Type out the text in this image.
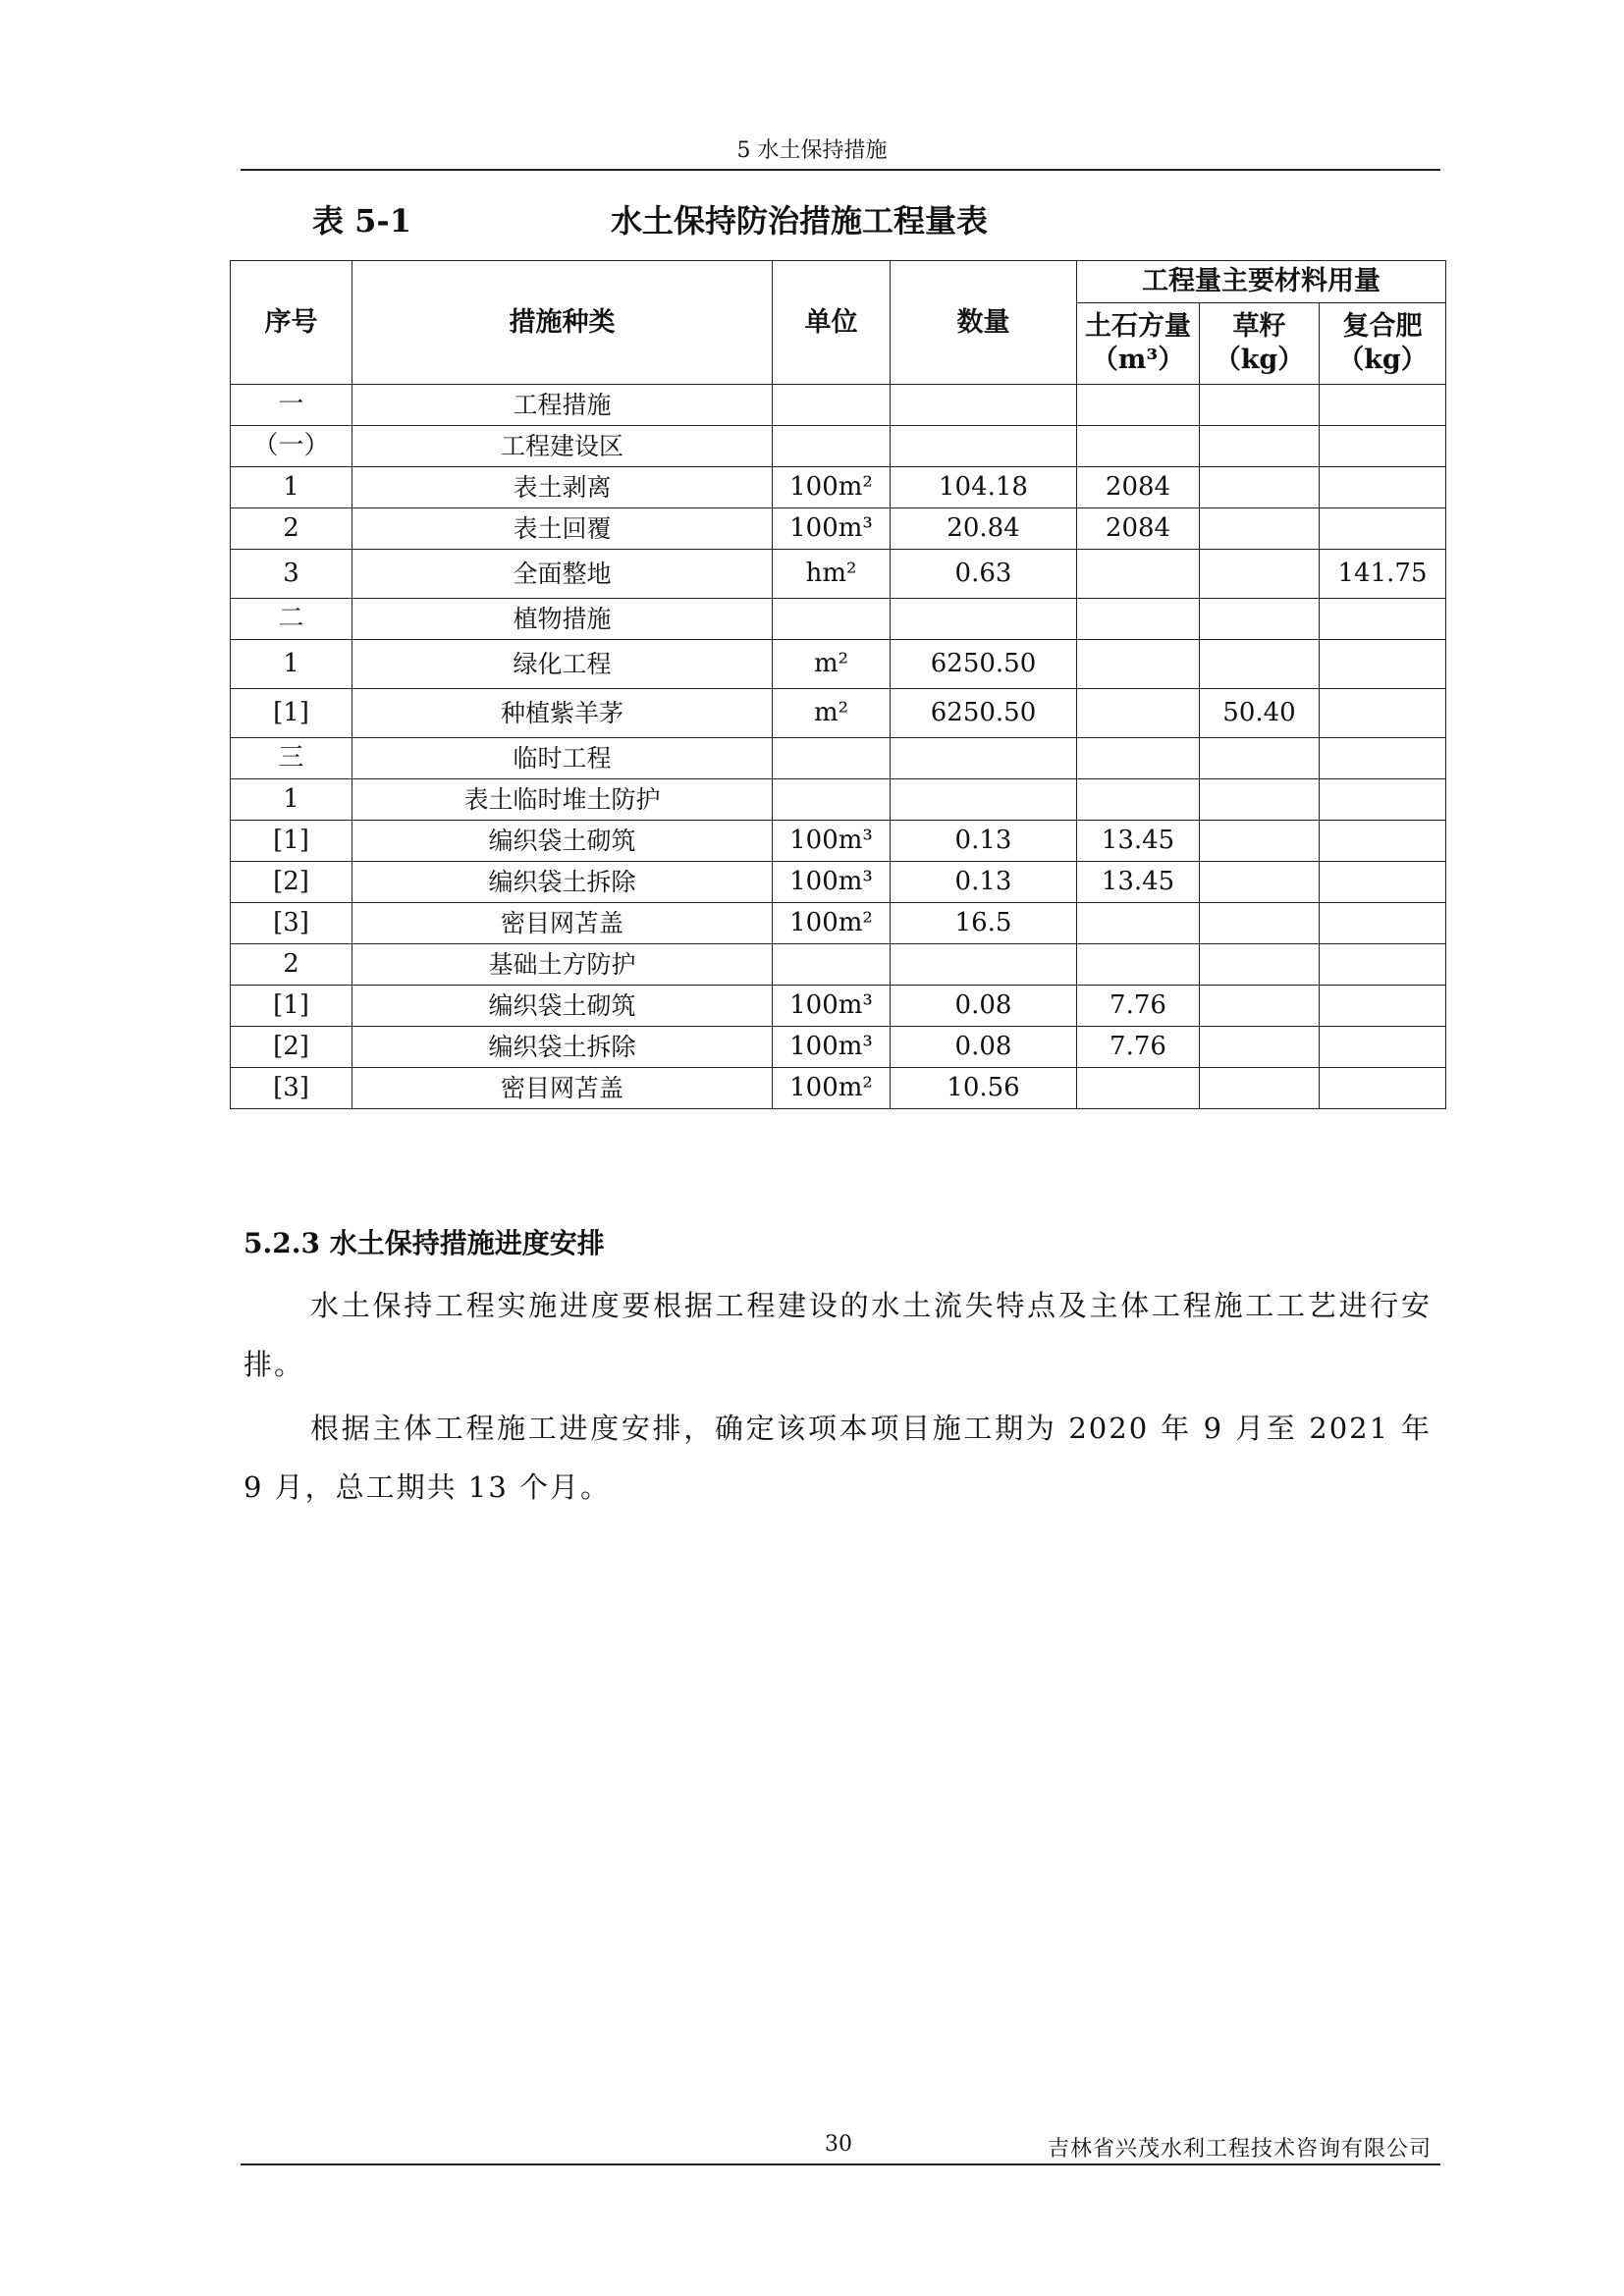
5 水土保持措施
表 5-1	水土保持防治措施工程量表
序号	措施种类	单位	数量	工程量主要材料用量		
				土石方量（m³）	草籽（kg）	复合肥（kg）
一	工程措施					
（一）	工程建设区					
1	表土剥离	100m²	104.18	2084		
2	表土回覆	100m³	20.84	2084		
3	全面整地	hm²	0.63			141.75
二	植物措施					
1	绿化工程	m²	6250.50			
[1]	种植紫羊茅	m²	6250.50		50.40	
三	临时工程					
1	表土临时堆土防护					
[1]	编织袋土砌筑	100m³	0.13	13.45		
[2]	编织袋土拆除	100m³	0.13	13.45		
[3]	密目网苫盖	100m²	16.5			
2	基础土方防护					
[1]	编织袋土砌筑	100m³	0.08	7.76		
[2]	编织袋土拆除	100m³	0.08	7.76		
[3]	密目网苫盖	100m²	10.56			
5.2.3 水土保持措施进度安排
水土保持工程实施进度要根据工程建设的水土流失特点及主体工程施工工艺进行安排。
根据主体工程施工进度安排，确定该项本项目施工期为 2020 年 9 月至 2021 年 9 月，总工期共 13 个月。
30	吉林省兴茂水利工程技术咨询有限公司
